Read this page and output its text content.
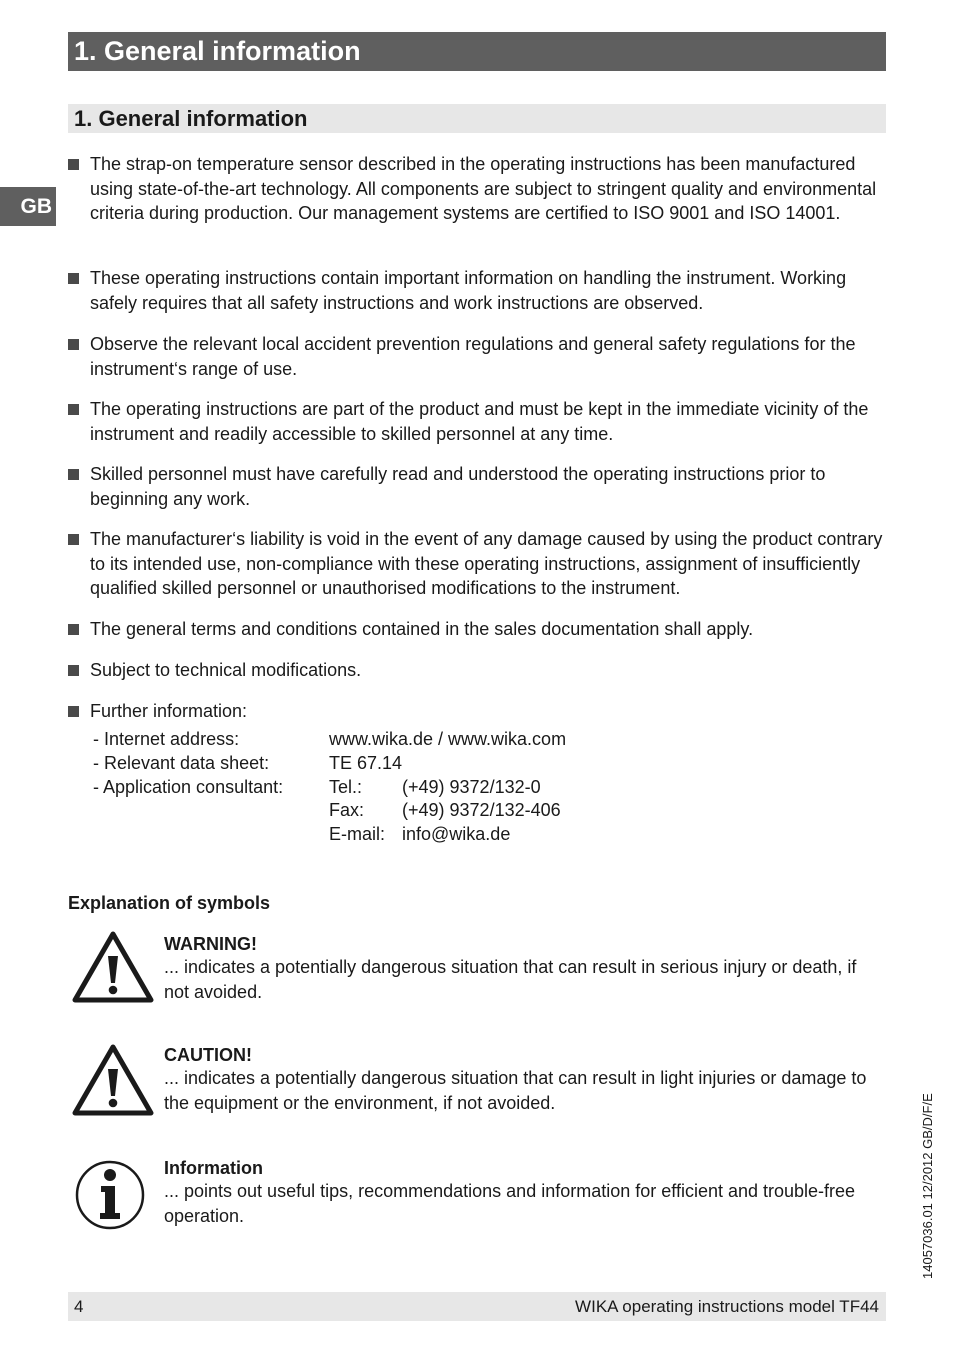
1. General information
1. General information
GB
The strap-on temperature sensor described in the operating instructions has been manufactured using state-of-the-art technology. All components are subject to stringent quality and environmental criteria during production. Our management systems are certified to ISO 9001 and ISO 14001.
These operating instructions contain important information on handling the instrument. Working safely requires that all safety instructions and work instructions are observed.
Observe the relevant local accident prevention regulations and general safety regulations for the instrument‘s range of use.
The operating instructions are part of the product and must be kept in the immediate vicinity of the instrument and readily accessible to skilled personnel at any time.
Skilled personnel must have carefully read and understood the operating instructions prior to beginning any work.
The manufacturer‘s liability is void in the event of any damage caused by using the product contrary to its intended use, non-compliance with these operating instructions, assignment of insufficiently qualified skilled personnel or unauthorised modifications to the instrument.
The general terms and conditions contained in the sales documentation shall apply.
Subject to technical modifications.
Further information:
- Internet address:	www.wika.de / www.wika.com
- Relevant data sheet:	TE 67.14
- Application consultant:	Tel.: (+49) 9372/132-0
Fax: (+49) 9372/132-406
E-mail: info@wika.de
Explanation of symbols
WARNING!
... indicates a potentially dangerous situation that can result in serious injury or death, if not avoided.
CAUTION!
... indicates a potentially dangerous situation that can result in light injuries or damage to the equipment or the environment, if not avoided.
Information
... points out useful tips, recommendations and information for efficient and trouble-free operation.	14057036.01 12/2012 GB/D/F/E
4	WIKA operating instructions model TF44
